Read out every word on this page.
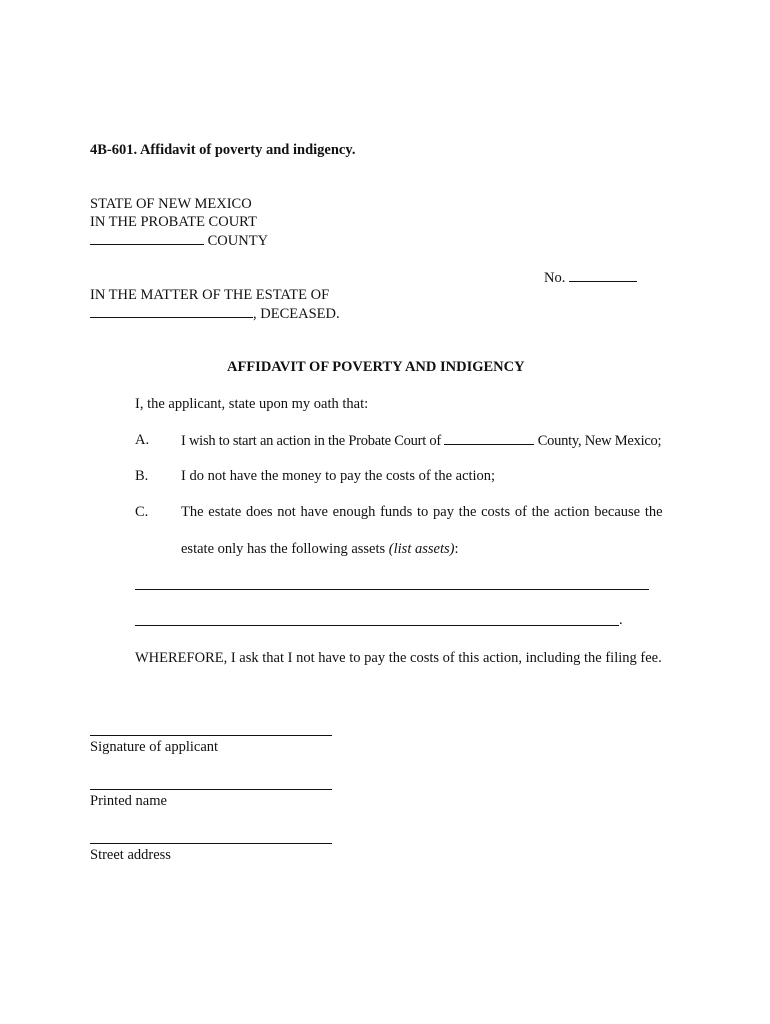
4B-601. Affidavit of poverty and indigency.
STATE OF NEW MEXICO
IN THE PROBATE COURT
COUNTY
No.
IN THE MATTER OF THE ESTATE OF
, DECEASED.
AFFIDAVIT OF POVERTY AND INDIGENCY
I, the applicant, state upon my oath that:
A. I wish to start an action in the Probate Court of	County, New Mexico;
B. I do not have the money to pay the costs of the action;
C. The estate does not have enough funds to pay the costs of the action because the
estate only has the following assets (list assets):
.
WHEREFORE, I ask that I not have to pay the costs of this action, including the filing fee.
Signature of applicant
Printed name
Street address
